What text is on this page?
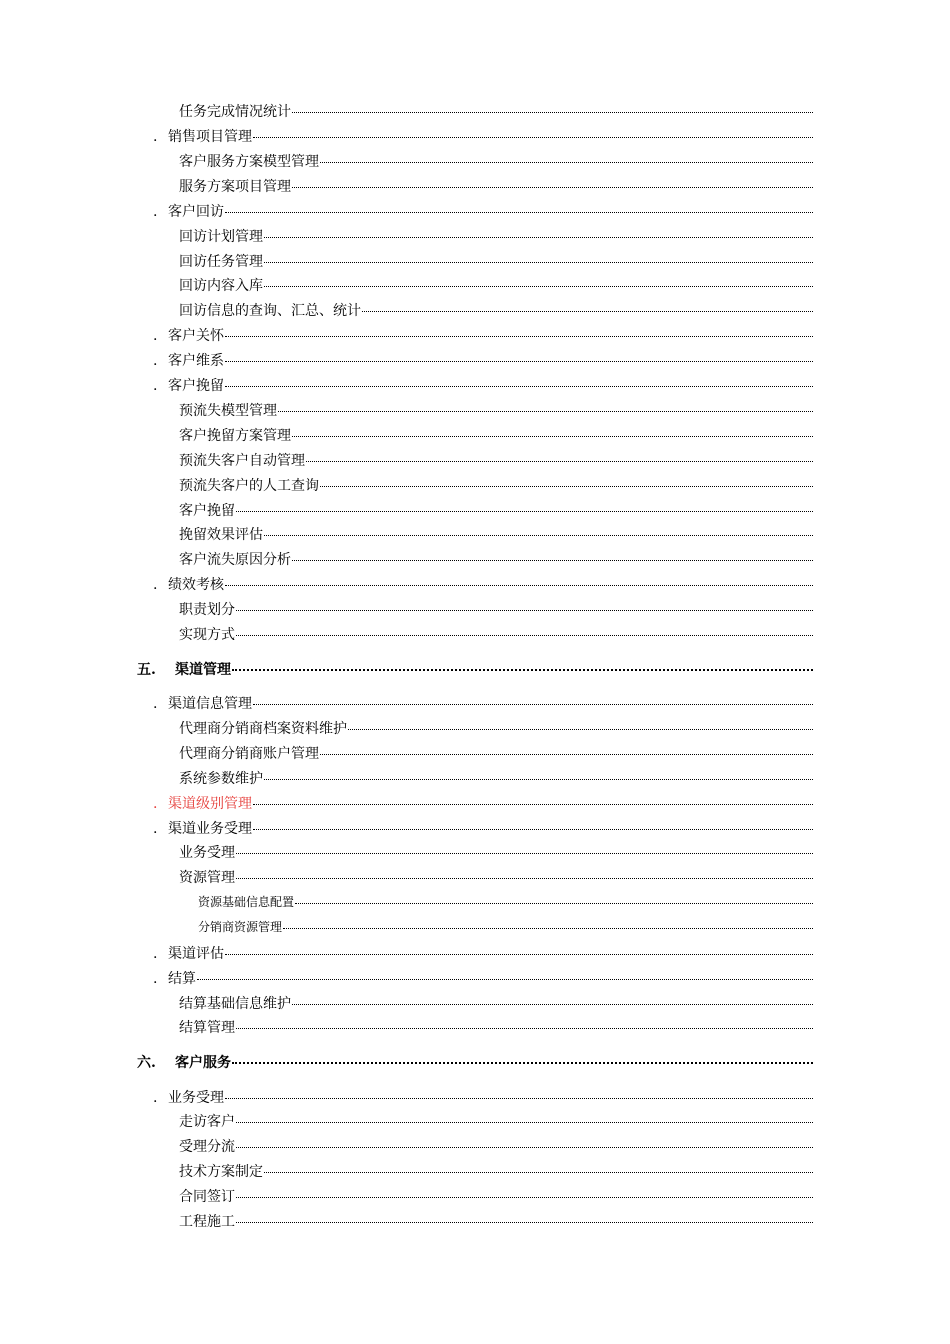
任务完成情况统计
. 销售项目管理
客户服务方案模型管理
服务方案项目管理
. 客户回访
回访计划管理
回访任务管理
回访内容入库
回访信息的查询、汇总、统计
. 客户关怀
. 客户维系
. 客户挽留
预流失模型管理
客户挽留方案管理
预流失客户自动管理
预流失客户的人工查询
客户挽留
挽留效果评估
客户流失原因分析
. 绩效考核
职责划分
实现方式
五.	渠道管理
. 渠道信息管理
代理商分销商档案资料维护
代理商分销商账户管理
系统参数维护
. 渠道级别管理
. 渠道业务受理
业务受理
资源管理
资源基础信息配置
分销商资源管理
. 渠道评估
. 结算
结算基础信息维护
结算管理
六.	客户服务
. 业务受理
走访客户
受理分流
技术方案制定
合同签订
工程施工
